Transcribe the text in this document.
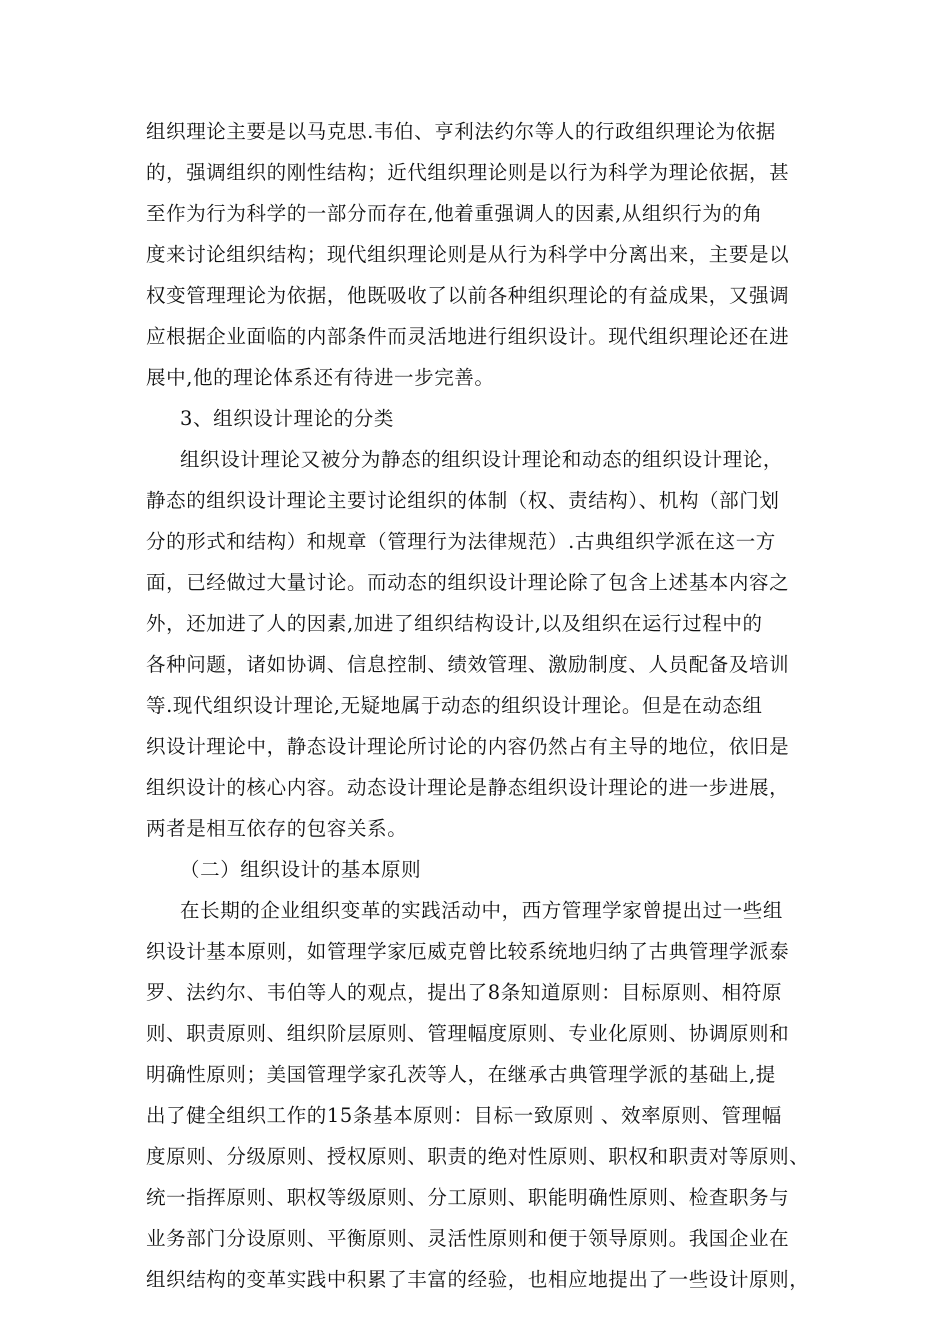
组织理论主要是以马克思.韦伯、亨利法约尔等人的行政组织理论为依据
的，强调组织的刚性结构；近代组织理论则是以行为科学为理论依据，甚
至作为行为科学的一部分而存在,他着重强调人的因素,从组织行为的角
度来讨论组织结构；现代组织理论则是从行为科学中分离出来，主要是以
权变管理理论为依据，他既吸收了以前各种组织理论的有益成果，又强调
应根据企业面临的内部条件而灵活地进行组织设计。现代组织理论还在进
展中,他的理论体系还有待进一步完善。
3、组织设计理论的分类
组织设计理论又被分为静态的组织设计理论和动态的组织设计理论，
静态的组织设计理论主要讨论组织的体制（权、责结构）、机构（部门划
分的形式和结构）和规章（管理行为法律规范）.古典组织学派在这一方
面，已经做过大量讨论。而动态的组织设计理论除了包含上述基本内容之
外，还加进了人的因素,加进了组织结构设计,以及组织在运行过程中的
各种问题，诸如协调、信息控制、绩效管理、激励制度、人员配备及培训
等.现代组织设计理论,无疑地属于动态的组织设计理论。但是在动态组
织设计理论中，静态设计理论所讨论的内容仍然占有主导的地位，依旧是
组织设计的核心内容。动态设计理论是静态组织设计理论的进一步进展，
两者是相互依存的包容关系。
（二）组织设计的基本原则
在长期的企业组织变革的实践活动中，西方管理学家曾提出过一些组
织设计基本原则，如管理学家厄威克曾比较系统地归纳了古典管理学派泰
罗、法约尔、韦伯等人的观点，提出了8条知道原则：目标原则、相符原
则、职责原则、组织阶层原则、管理幅度原则、专业化原则、协调原则和
明确性原则；美国管理学家孔茨等人，在继承古典管理学派的基础上,提
出了健全组织工作的15条基本原则：目标一致原则 、效率原则、管理幅
度原则、分级原则、授权原则、职责的绝对性原则、职权和职责对等原则、
统一指挥原则、职权等级原则、分工原则、职能明确性原则、检查职务与
业务部门分设原则、平衡原则、灵活性原则和便于领导原则。我国企业在
组织结构的变革实践中积累了丰富的经验，也相应地提出了一些设计原则，
